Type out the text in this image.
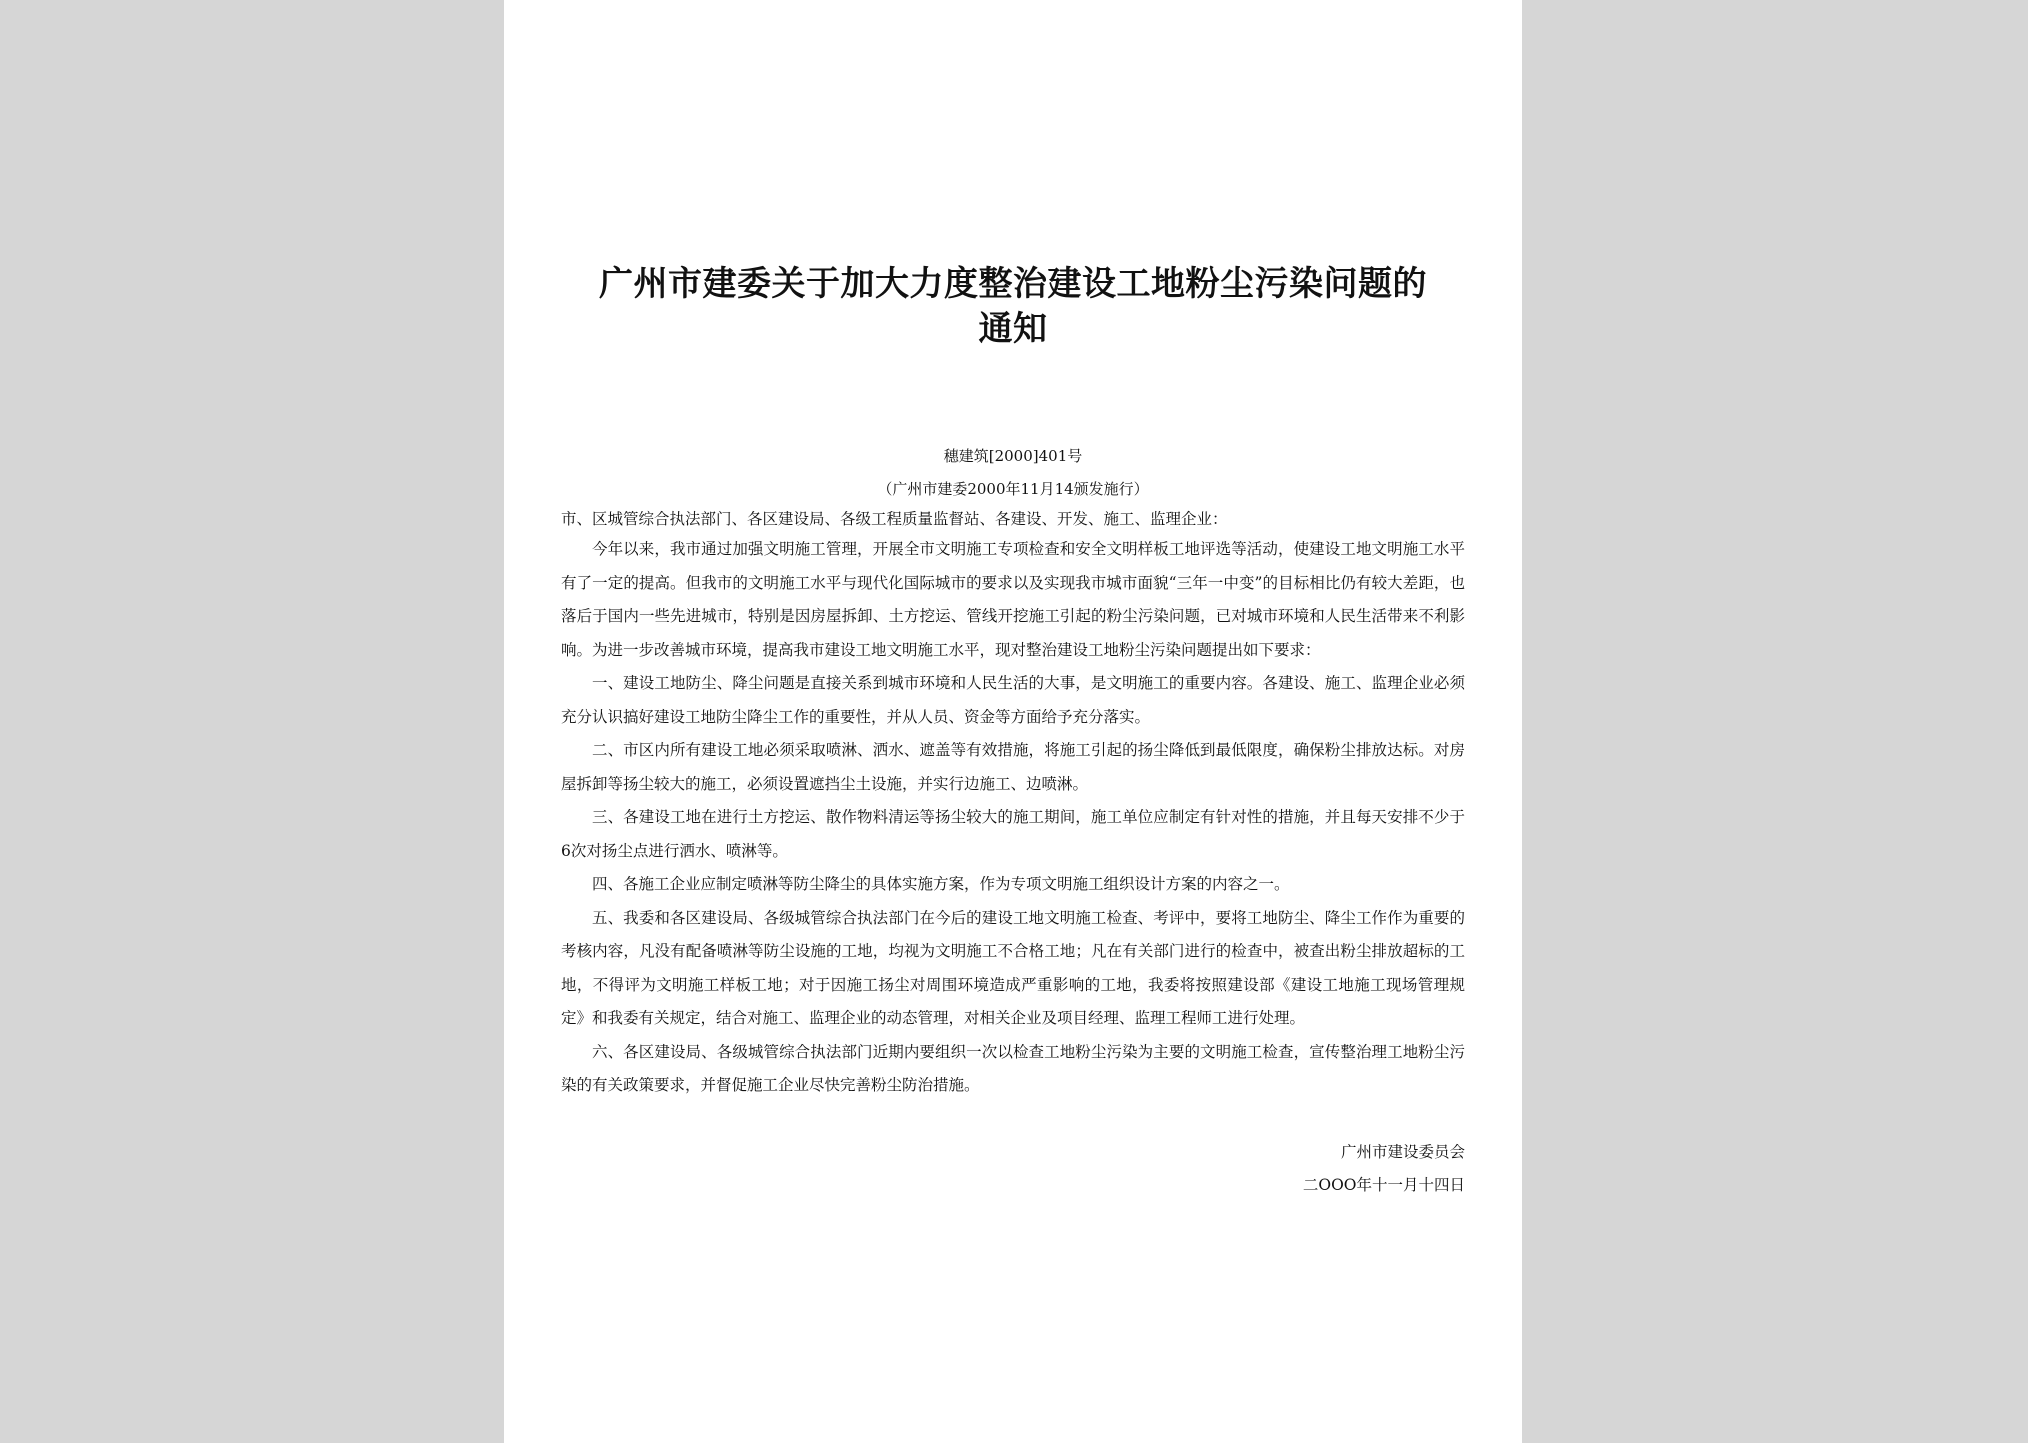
广州市建委关于加大力度整治建设工地粉尘污染问题的
通知
穗建筑[2000]401号
（广州市建委2000年11月14颁发施行）
市、区城管综合执法部门、各区建设局、各级工程质量监督站、各建设、开发、施工、监理企业：

今年以来，我市通过加强文明施工管理，开展全市文明施工专项检查和安全文明样板工地评选等活动，使建设工地文明施工水平有了一定的提高。但我市的文明施工水平与现代化国际城市的要求以及实现我市城市面貌“三年一中变”的目标相比仍有较大差距，也落后于国内一些先进城市，特别是因房屋拆卸、土方挖运、管线开挖施工引起的粉尘污染问题，已对城市环境和人民生活带来不利影响。为进一步改善城市环境，提高我市建设工地文明施工水平，现对整治建设工地粉尘污染问题提出如下要求：

一、建设工地防尘、降尘问题是直接关系到城市环境和人民生活的大事，是文明施工的重要内容。各建设、施工、监理企业必须充分认识搞好建设工地防尘降尘工作的重要性，并从人员、资金等方面给予充分落实。

二、市区内所有建设工地必须采取喷淋、洒水、遮盖等有效措施，将施工引起的扬尘降低到最低限度，确保粉尘排放达标。对房屋拆卸等扬尘较大的施工，必须设置遮挡尘土设施，并实行边施工、边喷淋。

三、各建设工地在进行土方挖运、散作物料清运等扬尘较大的施工期间，施工单位应制定有针对性的措施，并且每天安排不少于6次对扬尘点进行洒水、喷淋等。

四、各施工企业应制定喷淋等防尘降尘的具体实施方案，作为专项文明施工组织设计方案的内容之一。

五、我委和各区建设局、各级城管综合执法部门在今后的建设工地文明施工检查、考评中，要将工地防尘、降尘工作作为重要的考核内容，凡没有配备喷淋等防尘设施的工地，均视为文明施工不合格工地；凡在有关部门进行的检查中，被查出粉尘排放超标的工地，不得评为文明施工样板工地；对于因施工扬尘对周围环境造成严重影响的工地，我委将按照建设部《建设工地施工现场管理规定》和我委有关规定，结合对施工、监理企业的动态管理，对相关企业及项目经理、监理工程师工进行处理。

六、各区建设局、各级城管综合执法部门近期内要组织一次以检查工地粉尘污染为主要的文明施工检查，宣传整治理工地粉尘污染的有关政策要求，并督促施工企业尽快完善粉尘防治措施。

广州市建设委员会
二OOO年十一月十四日
